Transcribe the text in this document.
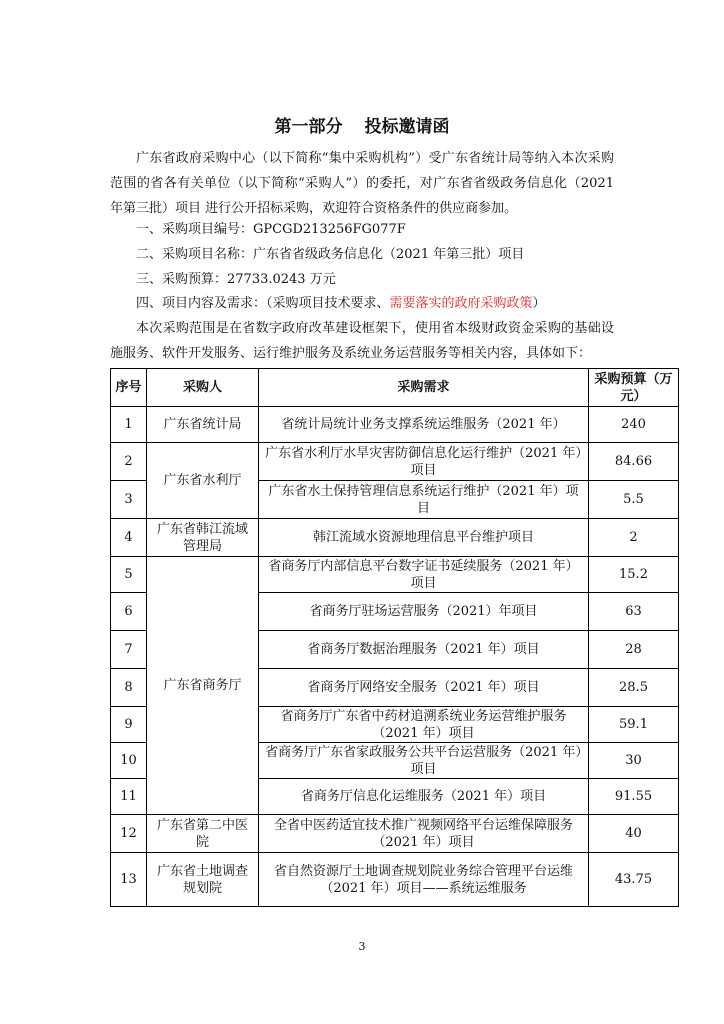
第一部分 投标邀请函
广东省政府采购中心（以下简称“集中采购机构”）受广东省统计局等纳入本次采购范围的省各有关单位（以下简称“采购人”）的委托，对广东省省级政务信息化（2021 年第三批）项目 进行公开招标采购，欢迎符合资格条件的供应商参加。
一、采购项目编号：GPCGD213256FG077F
二、采购项目名称：广东省省级政务信息化（2021 年第三批）项目
三、采购预算：27733.0243 万元
四、项目内容及需求：（采购项目技术要求、需要落实的政府采购政策）
本次采购范围是在省数字政府改革建设框架下，使用省本级财政资金采购的基础设施服务、软件开发服务、运行维护服务及系统业务运营服务等相关内容，具体如下：
序号	采购人	采购需求	采购预算（万元）
1	广东省统计局	省统计局统计业务支撑系统运维服务（2021 年）	240
2	广东省水利厅	广东省水利厅水旱灾害防御信息化运行维护（2021 年）项目	84.66
3		广东省水土保持管理信息系统运行维护（2021 年）项目	5.5
4	广东省韩江流域管理局	韩江流域水资源地理信息平台维护项目	2
5	广东省商务厅	省商务厅内部信息平台数字证书延续服务（2021 年）项目	15.2
6		省商务厅驻场运营服务（2021）年项目	63
7		省商务厅数据治理服务（2021 年）项目	28
8		省商务厅网络安全服务（2021 年）项目	28.5
9		省商务厅广东省中药材追溯系统业务运营维护服务（2021 年）项目	59.1
10		省商务厅广东省家政服务公共平台运营服务（2021 年）项目	30
11		省商务厅信息化运维服务（2021 年）项目	91.55
12	广东省第二中医院	全省中医药适宜技术推广视频网络平台运维保障服务（2021 年）项目	40
13	广东省土地调查规划院	省自然资源厅土地调查规划院业务综合管理平台运维（2021 年）项目——系统运维服务	43.75
3
